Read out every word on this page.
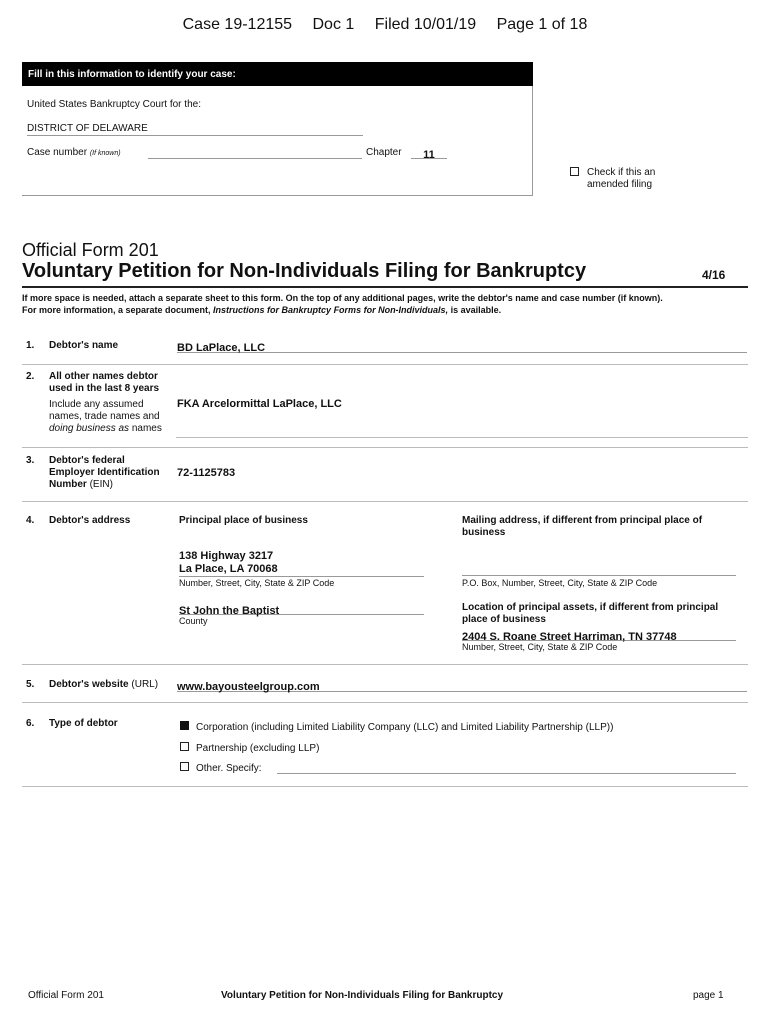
Case 19-12155 Doc 1 Filed 10/01/19 Page 1 of 18
Fill in this information to identify your case:
United States Bankruptcy Court for the:
DISTRICT OF DELAWARE
Case number (If known)	Chapter	11
Check if this an
amended filing
Official Form 201
Voluntary Petition for Non-Individuals Filing for Bankruptcy	4/16
If more space is needed, attach a separate sheet to this form. On the top of any additional pages, write the debtor's name and case number (if known).
For more information, a separate document, Instructions for Bankruptcy Forms for Non-Individuals, is available.
1. Debtor's name	BD LaPlace, LLC
2. All other names debtor
used in the last 8 years
Include any assumed
names, trade names and
doing business as names
FKA Arcelormittal LaPlace, LLC
3. Debtor's federal
Employer Identification
Number (EIN)
72-1125783
4. Debtor's address	Principal place of business	Mailing address, if different from principal place of
business
138 Highway 3217
La Place, LA 70068
Number, Street, City, State & ZIP Code	P.O. Box, Number, Street, City, State & ZIP Code
St John the Baptist
County
Location of principal assets, if different from principal
place of business
2404 S. Roane Street Harriman, TN 37748
Number, Street, City, State & ZIP Code
5. Debtor's website (URL) www.bayousteelgroup.com
6. Type of debtor	Corporation (including Limited Liability Company (LLC) and Limited Liability Partnership (LLP))
Partnership (excluding LLP)
Other. Specify:
Official Form 201	Voluntary Petition for Non-Individuals Filing for Bankruptcy	page 1
